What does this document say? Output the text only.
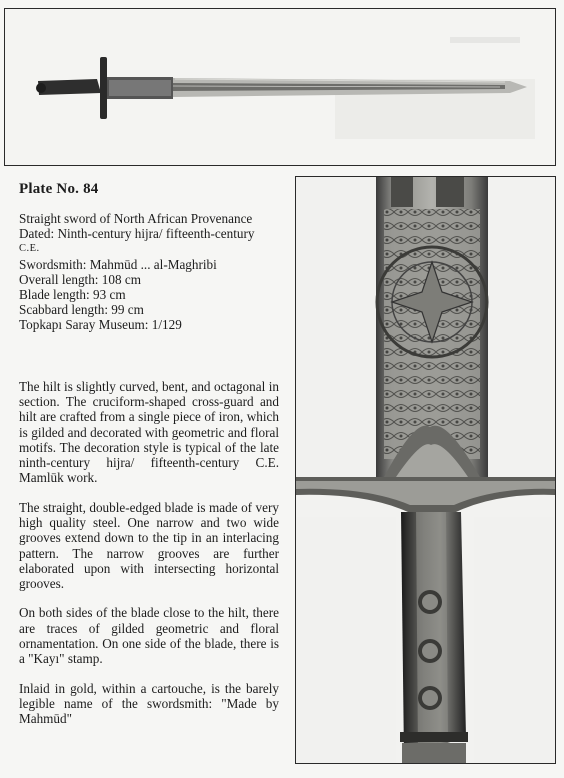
Plate No. 84
Straight sword of North African Provenance
Dated: Ninth-century hijra/ fifteenth-century
C.E.
Swordsmith: Mahmūd ... al-Maghribi
Overall length: 108 cm
Blade length: 93 cm
Scabbard length: 99 cm
Topkapı Saray Museum: 1/129

The hilt is slightly curved, bent, and octagonal in section. The cruciform-shaped cross-guard and hilt are crafted from a single piece of iron, which is gilded and decorated with geometric and floral motifs. The decoration style is typical of the late ninth-century hijra/ fifteenth-century C.E. Mamlūk work.

The straight, double-edged blade is made of very high quality steel. One narrow and two wide grooves extend down to the tip in an interlacing pattern. The narrow grooves are further elaborated upon with intersecting horizontal grooves.

On both sides of the blade close to the hilt, there are traces of gilded geometric and floral ornamentation. On one side of the blade, there is a "Kayı" stamp.

Inlaid in gold, within a cartouche, is the barely legible name of the swordsmith: "Made by Mahmūd"
